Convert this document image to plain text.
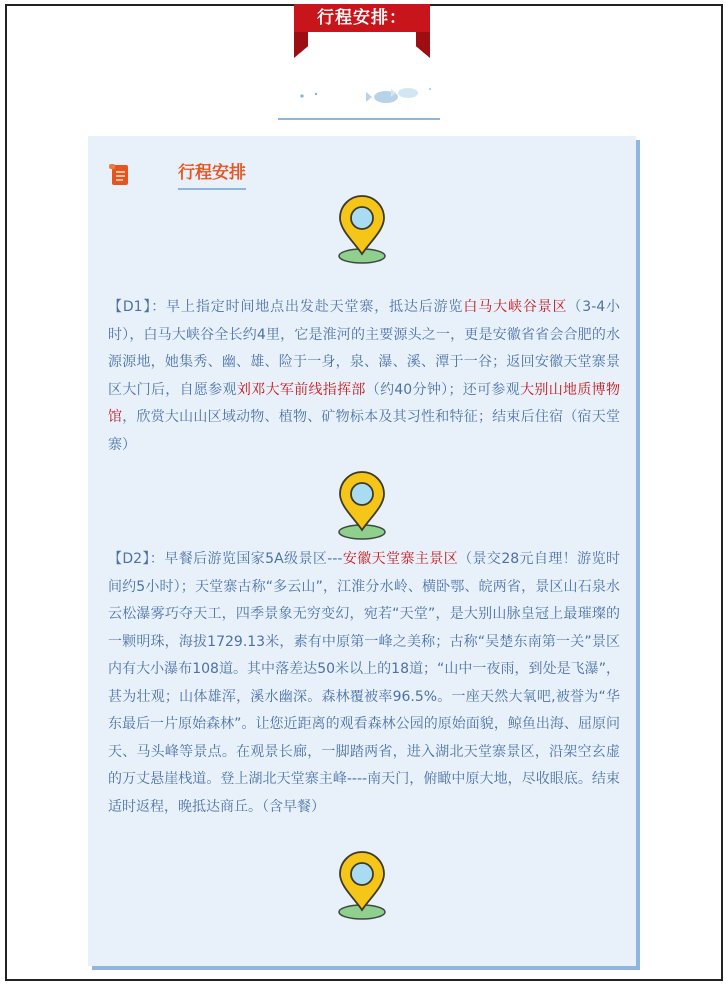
行程安排：
行程安排
【D1】：早上指定时间地点出发赴天堂寨，抵达后游览白马大峡谷景区（3-4小时），白马大峡谷全长约4里，它是淮河的主要源头之一，更是安徽省省会合肥的水源源地，她集秀、幽、雄、险于一身，泉、瀑、溪、潭于一谷；返回安徽天堂寨景区大门后，自愿参观刘邓大军前线指挥部（约40分钟）；还可参观大别山地质博物馆，欣赏大山山区域动物、植物、矿物标本及其习性和特征；结束后住宿（宿天堂寨）
【D2】：早餐后游览国家5A级景区---安徽天堂寨主景区（景交28元自理！游览时间约5小时）；天堂寨古称“多云山”，江淮分水岭、横卧鄂、皖两省，景区山石泉水云松瀑雾巧夺天工，四季景象无穷变幻，宛若“天堂”，是大别山脉皇冠上最璀璨的一颗明珠，海拔1729.13米，素有中原第一峰之美称；古称“吴楚东南第一关”景区内有大小瀑布108道。其中落差达50米以上的18道；“山中一夜雨，到处是飞瀑”，甚为壮观；山体雄浑，溪水幽深。森林覆被率96.5%。一座天然大氧吧,被誉为“华东最后一片原始森林”。让您近距离的观看森林公园的原始面貌，鲸鱼出海、屈原问天、马头峰等景点。在观景长廊，一脚踏两省，进入湖北天堂寨景区，沿架空玄虚的万丈悬崖栈道。登上湖北天堂寨主峰----南天门，俯瞰中原大地，尽收眼底。结束适时返程，晚抵达商丘。（含早餐）
